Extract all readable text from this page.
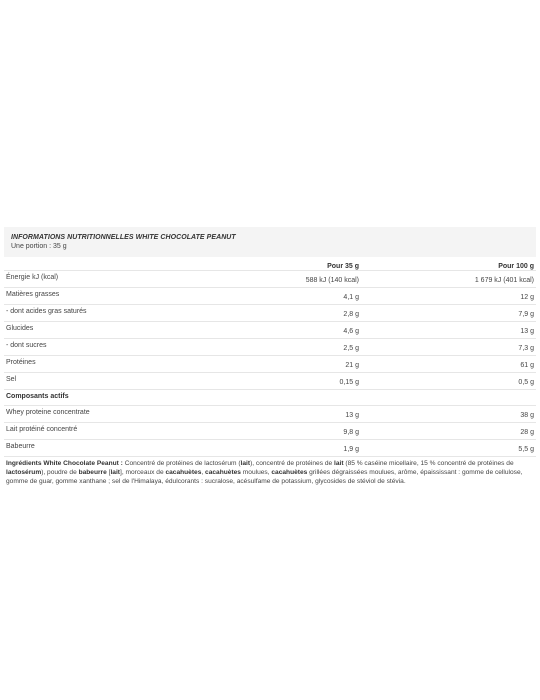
INFORMATIONS NUTRITIONNELLES WHITE CHOCOLATE PEANUT
Une portion : 35 g
	Pour 35 g	Pour 100 g
Énergie kJ (kcal)	588 kJ (140 kcal)	1 679 kJ (401 kcal)
Matières grasses	4,1 g	12 g
- dont acides gras saturés	2,8 g	7,9 g
Glucides	4,6 g	13 g
- dont sucres	2,5 g	7,3 g
Protéines	21 g	61 g
Sel	0,15 g	0,5 g
Composants actifs		
Whey proteine concentrate	13 g	38 g
Lait protéiné concentré	9,8 g	28 g
Babeurre	1,9 g	5,5 g
Ingrédients White Chocolate Peanut : Concentré de protéines de lactosérum (lait), concentré de protéines de lait (85 % caséine micellaire, 15 % concentré de protéines de lactosérum), poudre de babeurre [lait], morceaux de cacahuètes, cacahuètes moulues, cacahuètes grillées dégraissées moulues, arôme, épaississant : gomme de cellulose, gomme de guar, gomme xanthane ; sel de l'Himalaya, édulcorants : sucralose, acésulfame de potassium, glycosides de stéviol de stévia.
